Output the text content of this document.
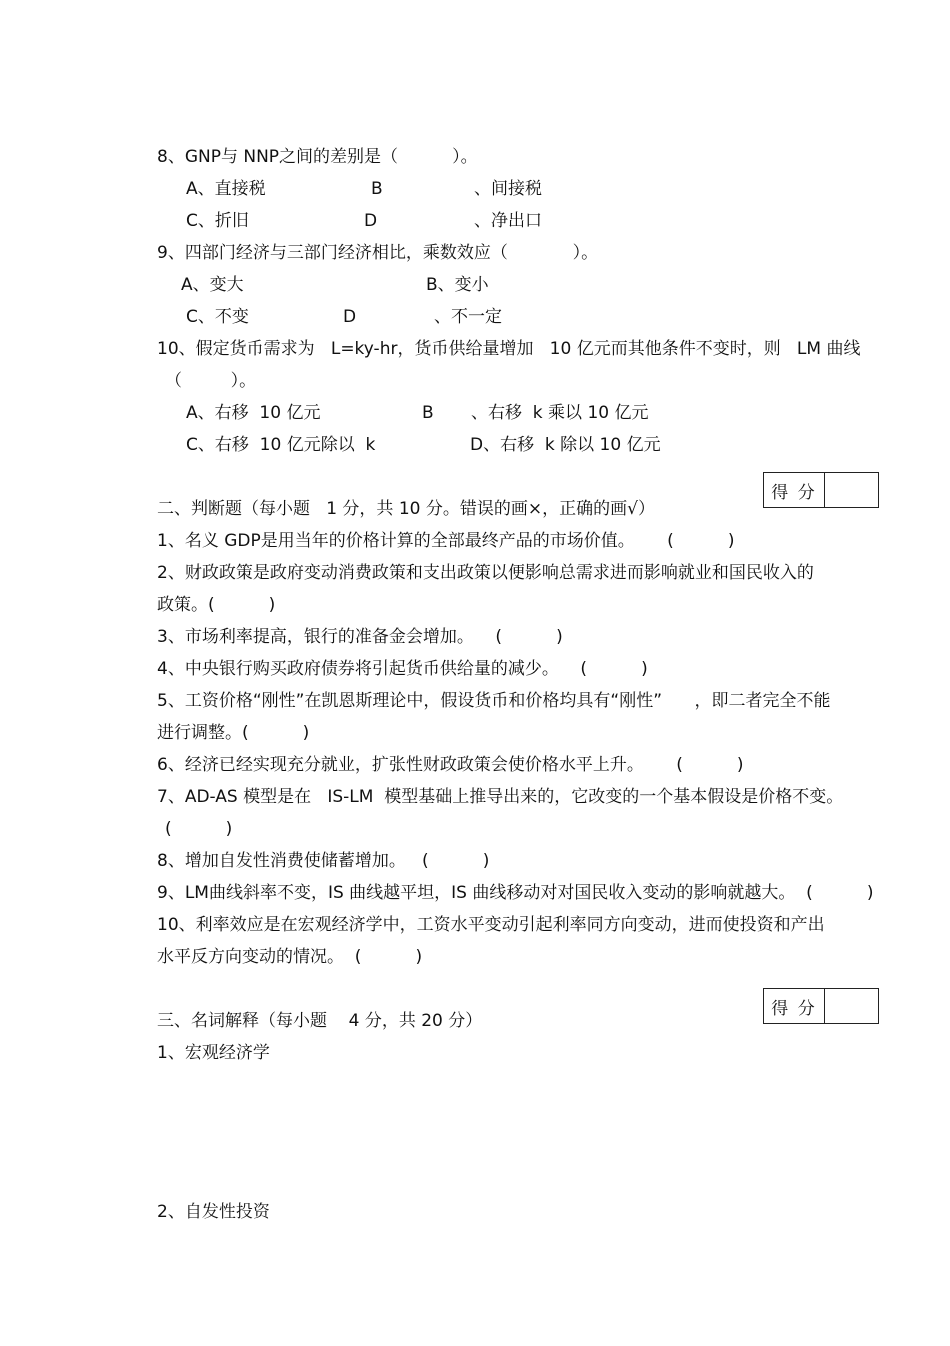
8、GNP与 NNP之间的差别是（          ）。
A、直接税	B	、间接税
C、折旧	D	、净出口
9、四部门经济与三部门经济相比，乘数效应（            ）。
A、变大	B、变小
C、不变	D	、不一定
10、假定货币需求为   L=ky-hr，货币供给量增加   10 亿元而其他条件不变时，则   LM 曲线
（         ）。
A、右移  10 亿元	B 、右移  k 乘以 10 亿元
C、右移  10 亿元除以  k	D、右移  k 除以 10 亿元
得 分
二、判断题（每小题   1 分，共 10 分。错误的画×，正确的画√）
1、名义 GDP是用当年的价格计算的全部最终产品的市场价值。      (          )
2、财政政策是政府变动消费政策和支出政策以便影响总需求进而影响就业和国民收入的
政策。(          )
3、市场利率提高，银行的准备金会增加。    (          )
4、中央银行购买政府债券将引起货币供给量的减少。    (          )
5、工资价格“刚性”在凯恩斯理论中，假设货币和价格均具有“刚性”      ，即二者完全不能
进行调整。(          )
6、经济已经实现充分就业，扩张性财政政策会使价格水平上升。      (          )
7、AD-AS 模型是在   IS-LM  模型基础上推导出来的，它改变的一个基本假设是价格不变。
(          )
8、增加自发性消费使储蓄增加。   (          )
9、LM曲线斜率不变，IS 曲线越平坦，IS 曲线移动对对国民收入变动的影响就越大。  (          )
10、利率效应是在宏观经济学中，工资水平变动引起利率同方向变动，进而使投资和产出
水平反方向变动的情况。  (          )
得 分
三、名词解释（每小题    4 分，共 20 分）
1、宏观经济学
2、自发性投资
